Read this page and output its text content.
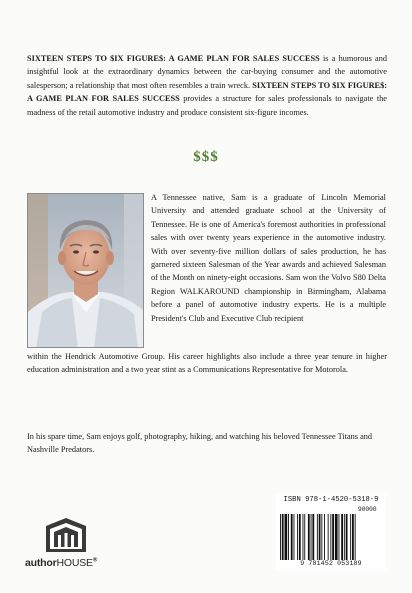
SIXTEEN STEPS TO $IX FIGURE$: A GAME PLAN FOR SALES SUCCESS is a humorous and insightful look at the extraordinary dynamics between the car-buying consumer and the automotive salesperson; a relationship that most often resembles a train wreck. SIXTEEN STEPS TO $IX FIGURE$: A GAME PLAN FOR SALES SUCCESS provides a structure for sales professionals to navigate the madness of the retail automotive industry and produce consistent six-figure incomes.
$$$
A Tennessee native, Sam is a graduate of Lincoln Memorial University and attended graduate school at the University of Tennessee. He is one of America's foremost authorities in professional sales with over twenty years experience in the automotive industry. With over seventy-five million dollars of sales production, he has garnered sixteen Salesman of the Year awards and achieved Salesman of the Month on ninety-eight occasions. Sam won the Volvo S80 Delta Region WALKAROUND championship in Birmingham, Alabama before a panel of automotive industry experts. He is a multiple President's Club and Executive Club recipient
within the Hendrick Automotive Group. His career highlights also include a three year tenure in higher education administration and a two year stint as a Communications Representative for Motorola.
In his spare time, Sam enjoys golf, photography, hiking, and watching his beloved Tennessee Titans and Nashville Predators.
authorHOUSE®
ISBN 978-1-4520-5318-9
90000
9 781452 053189
